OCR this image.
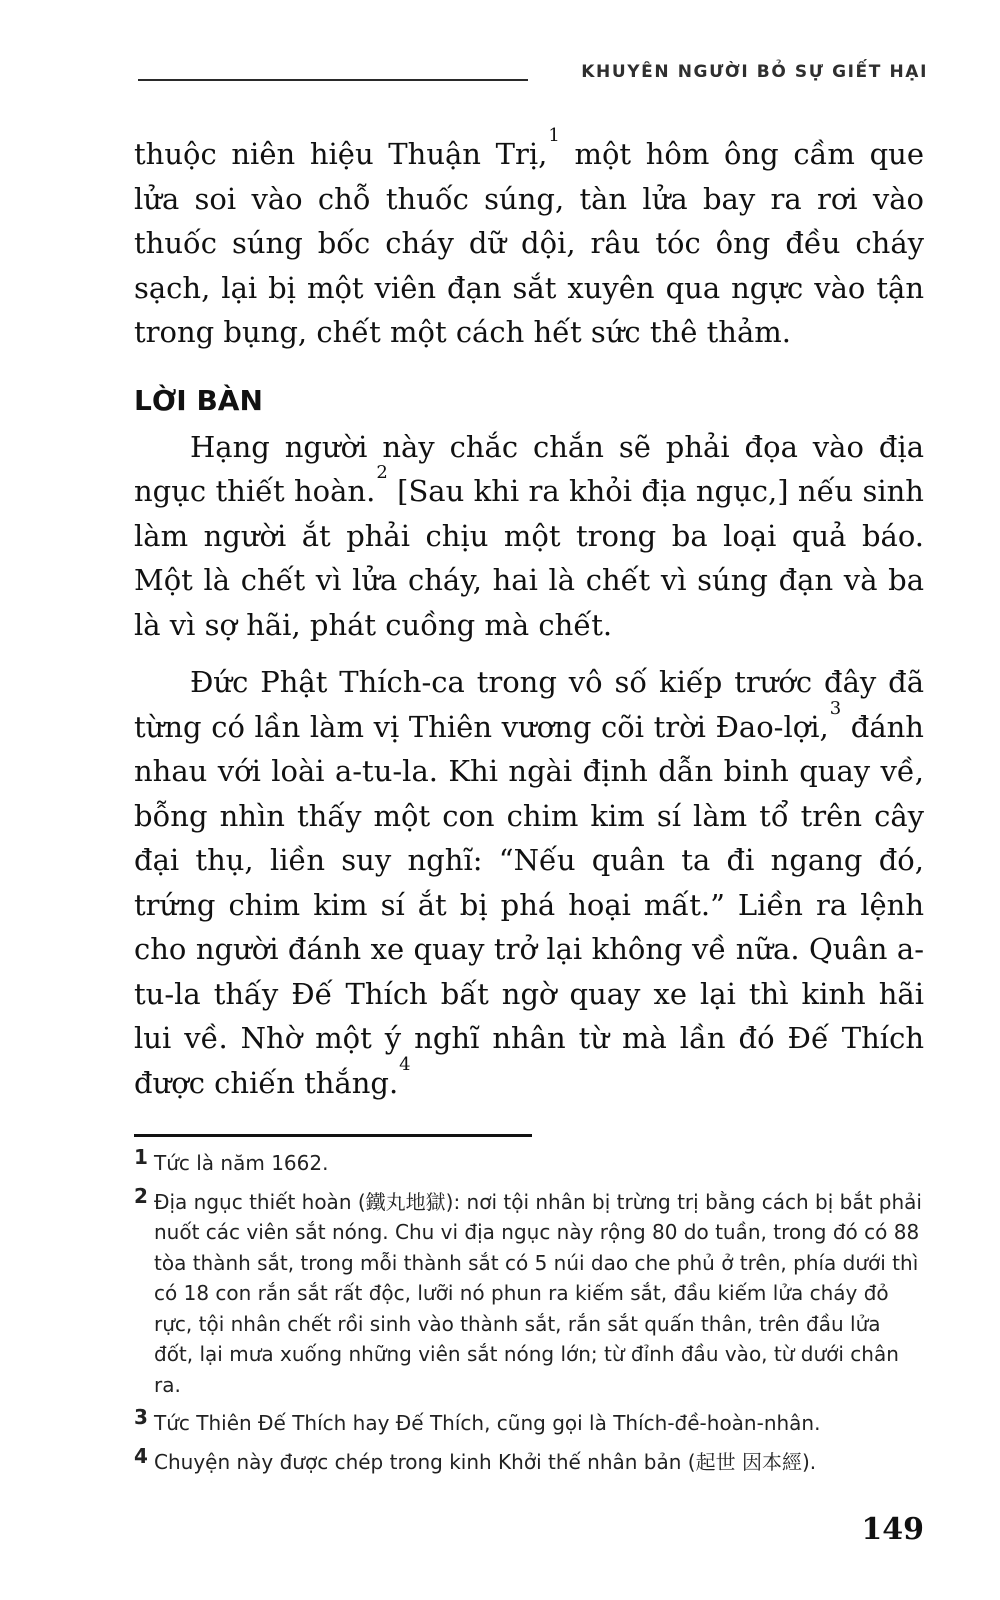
KHUYÊN NGƯỜI BỎ SỰ GIẾT HẠI

thuộc niên hiệu Thuận Trị,$^1$ một hôm ông cầm que lửa soi vào chỗ thuốc súng, tàn lửa bay ra rơi vào thuốc súng bốc cháy dữ dội, râu tóc ông đều cháy sạch, lại bị một viên đạn sắt xuyên qua ngực vào tận trong bụng, chết một cách hết sức thê thảm.

LỜI BÀN

Hạng người này chắc chắn sẽ phải đọa vào địa ngục thiết hoàn.$^2$ [Sau khi ra khỏi địa ngục,] nếu sinh làm người ắt phải chịu một trong ba loại quả báo. Một là chết vì lửa cháy, hai là chết vì súng đạn và ba là vì sợ hãi, phát cuồng mà chết.

Đức Phật Thích-ca trong vô số kiếp trước đây đã từng có lần làm vị Thiên vương cõi trời Đao-lợi,$^3$ đánh nhau với loài a-tu-la. Khi ngài định dẫn binh quay về, bỗng nhìn thấy một con chim kim sí làm tổ trên cây đại thụ, liền suy nghĩ: “Nếu quân ta đi ngang đó, trứng chim kim sí ắt bị phá hoại mất.” Liền ra lệnh cho người đánh xe quay trở lại không về nữa. Quân a-tu-la thấy Đế Thích bất ngờ quay xe lại thì kinh hãi lui về. Nhờ một ý nghĩ nhân từ mà lần đó Đế Thích được chiến thắng.$^4$

1 Tức là năm 1662.
2 Địa ngục thiết hoàn (鐵丸地獄): nơi tội nhân bị trừng trị bằng cách bị bắt phải nuốt các viên sắt nóng. Chu vi địa ngục này rộng 80 do tuần, trong đó có 88 tòa thành sắt, trong mỗi thành sắt có 5 núi dao che phủ ở trên, phía dưới thì có 18 con rắn sắt rất độc, lưỡi nó phun ra kiếm sắt, đầu kiếm lửa cháy đỏ rực, tội nhân chết rồi sinh vào thành sắt, rắn sắt quấn thân, trên đầu lửa đốt, lại mưa xuống những viên sắt nóng lớn; từ đỉnh đầu vào, từ dưới chân ra.
3 Tức Thiên Đế Thích hay Đế Thích, cũng gọi là Thích-đề-hoàn-nhân.
4 Chuyện này được chép trong kinh Khởi thế nhân bản (起世 因本經).
149
